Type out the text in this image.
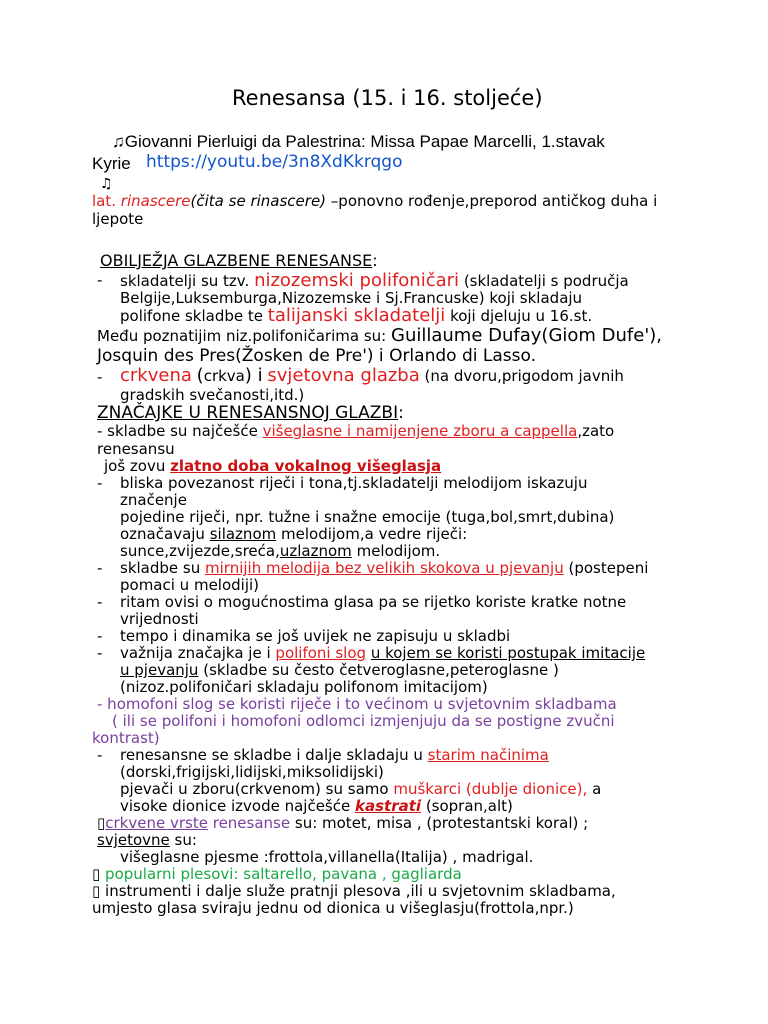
Renesansa (15. i 16. stoljeće)
♫Giovanni Pierluigi da Palestrina: Missa Papae Marcelli, 1.stavak
Kyrie https://youtu.be/3n8XdKkrqgo
♫
lat. rinascere(čita se rinascere) –ponovno rođenje,preporod antičkog duha i
ljepote
OBILJEŽJA GLAZBENE RENESANSE:
- skladatelji su tzv. nizozemski polifoničari (skladatelji s područja
Belgije,Luksemburga,Nizozemske i Sj.Francuske) koji skladaju
polifone skladbe te talijanski skladatelji koji djeluju u 16.st.
Među poznatijim niz.polifoničarima su: Guillaume Dufay(Giom Dufe'),
Josquin des Pres(Žosken de Pre') i Orlando di Lasso.
- crkvena (crkva) i svjetovna glazba (na dvoru,prigodom javnih
gradskih svečanosti,itd.)
ZNAČAJKE U RENESANSNOJ GLAZBI:
- skladbe su najčešće višeglasne i namijenjene zboru a cappella,zato
renesansu
još zovu zlatno doba vokalnog višeglasja
- bliska povezanost riječi i tona,tj.skladatelji melodijom iskazuju
značenje
pojedine riječi, npr. tužne i snažne emocije (tuga,bol,smrt,dubina)
označavaju silaznom melodijom,a vedre riječi:
sunce,zvijezde,sreća,uzlaznom melodijom.
- skladbe su mirnijih melodija bez velikih skokova u pjevanju (postepeni
pomaci u melodiji)
- ritam ovisi o mogućnostima glasa pa se rijetko koriste kratke notne
vrijednosti
- tempo i dinamika se još uvijek ne zapisuju u skladbi
- važnija značajka je i polifoni slog u kojem se koristi postupak imitacije
u pjevanju (skladbe su često četveroglasne,peteroglasne )
(nizoz.polifoničari skladaju polifonom imitacijom)
- homofoni slog se koristi riječe i to većinom u svjetovnim skladbama
( ili se polifoni i homofoni odlomci izmjenjuju da se postigne zvučni
kontrast)
- renesansne se skladbe i dalje skladaju u starim načinima
(dorski,frigijski,lidijski,miksolidijski)
pjevači u zboru(crkvenom) su samo muškarci (dublje dionice), a
visoke dionice izvode najčešće kastrati (sopran,alt)
▯crkvene vrste renesanse su: motet, misa , (protestantski koral) ;
svjetovne su:
višeglasne pjesme :frottola,villanella(Italija) , madrigal.
▯ popularni plesovi: saltarello, pavana , gagliarda
▯ instrumenti i dalje služe pratnji plesova ,ili u svjetovnim skladbama,
umjesto glasa sviraju jednu od dionica u višeglasju(frottola,npr.)
